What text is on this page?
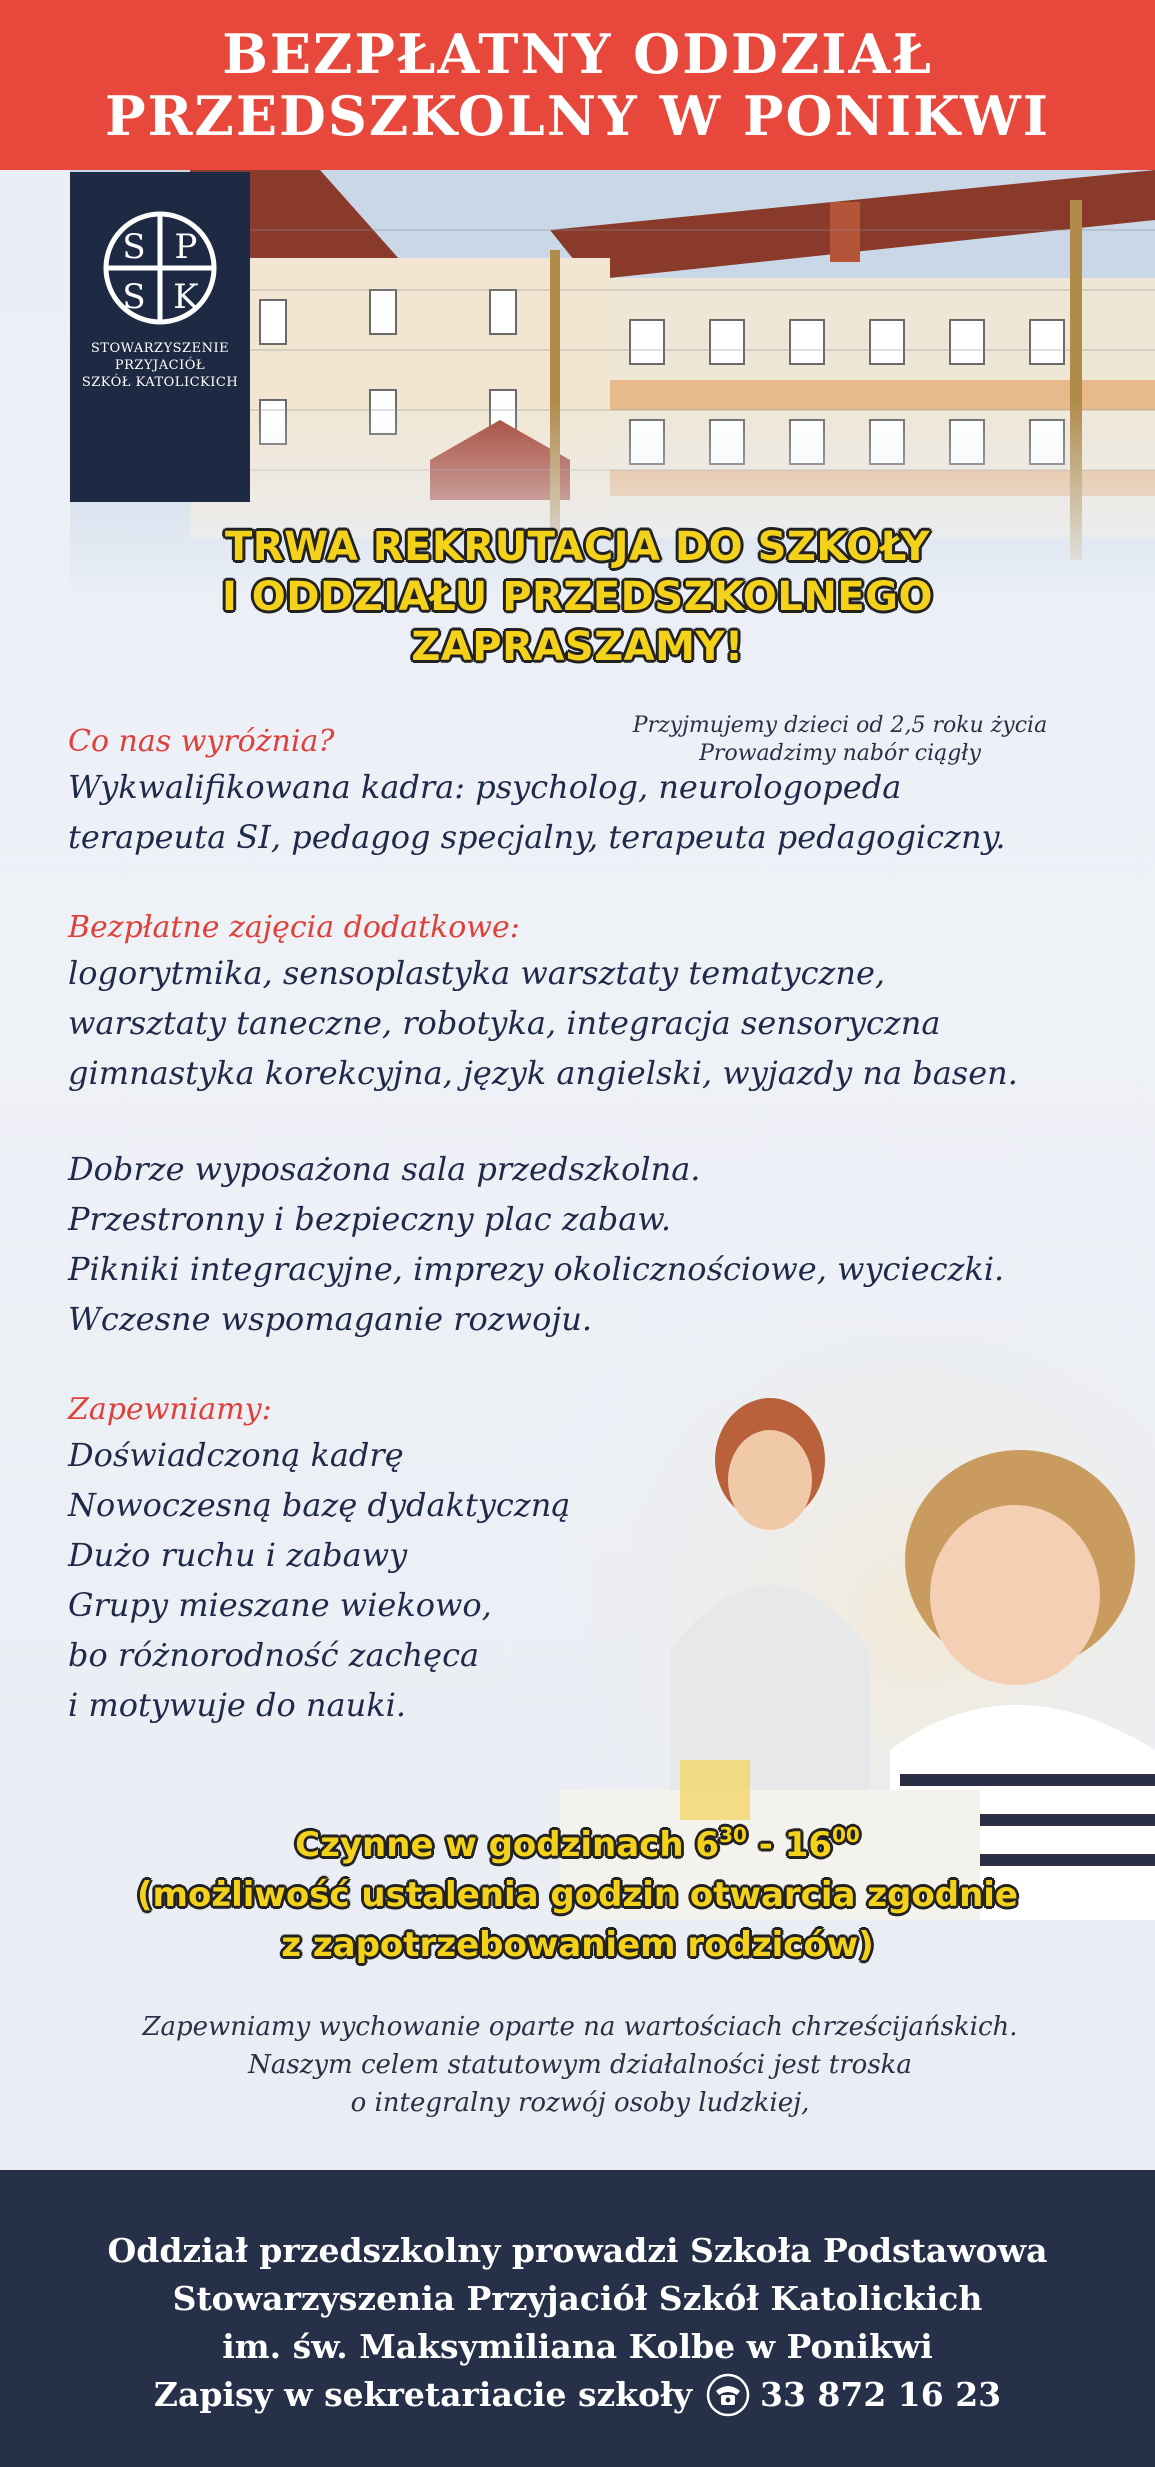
BEZPŁATNY ODDZIAŁ
PRZEDSZKOLNY W PONIKWI
S P
S K
STOWARZYSZENIE
PRZYJACIÓŁ
SZKÓŁ KATOLICKICH
TRWA REKRUTACJA DO SZKOŁY
I ODDZIAŁU PRZEDSZKOLNEGO
ZAPRASZAMY!
Przyjmujemy dzieci od 2,5 roku życia
Prowadzimy nabór ciągły
Co nas wyróżnia?
Wykwalifikowana kadra: psycholog, neurologopeda
terapeuta SI, pedagog specjalny, terapeuta pedagogiczny.
Bezpłatne zajęcia dodatkowe:
logorytmika, sensoplastyka warsztaty tematyczne,
warsztaty taneczne, robotyka, integracja sensoryczna
gimnastyka korekcyjna, język angielski, wyjazdy na basen.
Dobrze wyposażona sala przedszkolna.
Przestronny i bezpieczny plac zabaw.
Pikniki integracyjne, imprezy okolicznościowe, wycieczki.
Wczesne wspomaganie rozwoju.
Zapewniamy:
Doświadczoną kadrę
Nowoczesną bazę dydaktyczną
Dużo ruchu i zabawy
Grupy mieszane wiekowo,
bo różnorodność zachęca
i motywuje do nauki.
Czynne w godzinach $6^{30} - 16^{00}$
(możliwość ustalenia godzin otwarcia zgodnie
z zapotrzebowaniem rodziców)
Zapewniamy wychowanie oparte na wartościach chrześcijańskich.
Naszym celem statutowym działalności jest troska
o integralny rozwój osoby ludzkiej,
Oddział przedszkolny prowadzi Szkoła Podstawowa
Stowarzyszenia Przyjaciół Szkół Katolickich
im. św. Maksymiliana Kolbe w Ponikwi
Zapisy w sekretariacie szkoły 33 872 16 23
